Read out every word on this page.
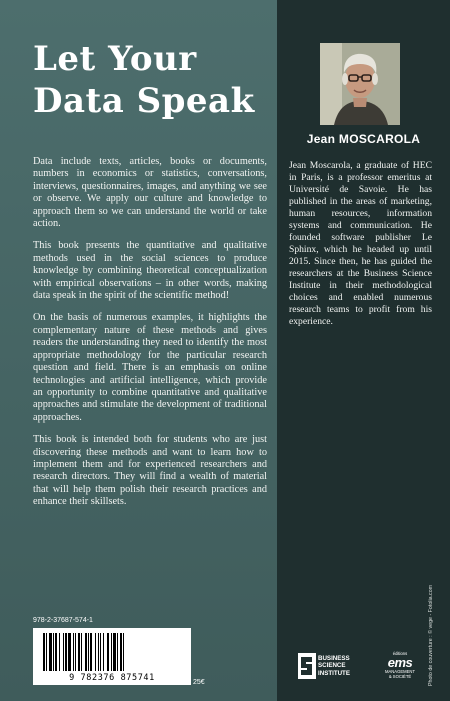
Let Your Data Speak

Data include texts, articles, books or documents, numbers in economics or statistics, conversations, interviews, questionnaires, images, and anything we see or observe. We apply our culture and knowledge to approach them so we can understand the world or take action.

This book presents the quantitative and qualitative methods used in the social sciences to produce knowledge by combining theoretical conceptualization with empirical observations – in other words, making data speak in the spirit of the scientific method!

On the basis of numerous examples, it highlights the complementary nature of these methods and gives readers the understanding they need to identify the most appropriate methodology for the particular research question and field. There is an emphasis on online technologies and artificial intelligence, which provide an opportunity to combine quantitative and qualitative approaches and stimulate the development of traditional approaches.

This book is intended both for students who are just discovering these methods and want to learn how to implement them and for experienced researchers and research directors. They will find a wealth of material that will help them polish their research practices and enhance their skillsets.

Jean MOSCAROLA

Jean Moscarola, a graduate of HEC in Paris, is a professor emeritus at Université de Savoie. He has published in the areas of marketing, human resources, information systems and communication. He founded software publisher Le Sphinx, which he headed up until 2015. Since then, he has guided the researchers at the Business Science Institute in their methodological choices and enabled numerous research teams to profit from his experience.

978-2-37687-574-1
9 782376 875741	25€
BUSINESS
SCIENCE
INSTITUTE
éditions
ems
MANAGEMENT
& SOCIÉTÉ	Photo de couverture : © vege - Fotolia.com
